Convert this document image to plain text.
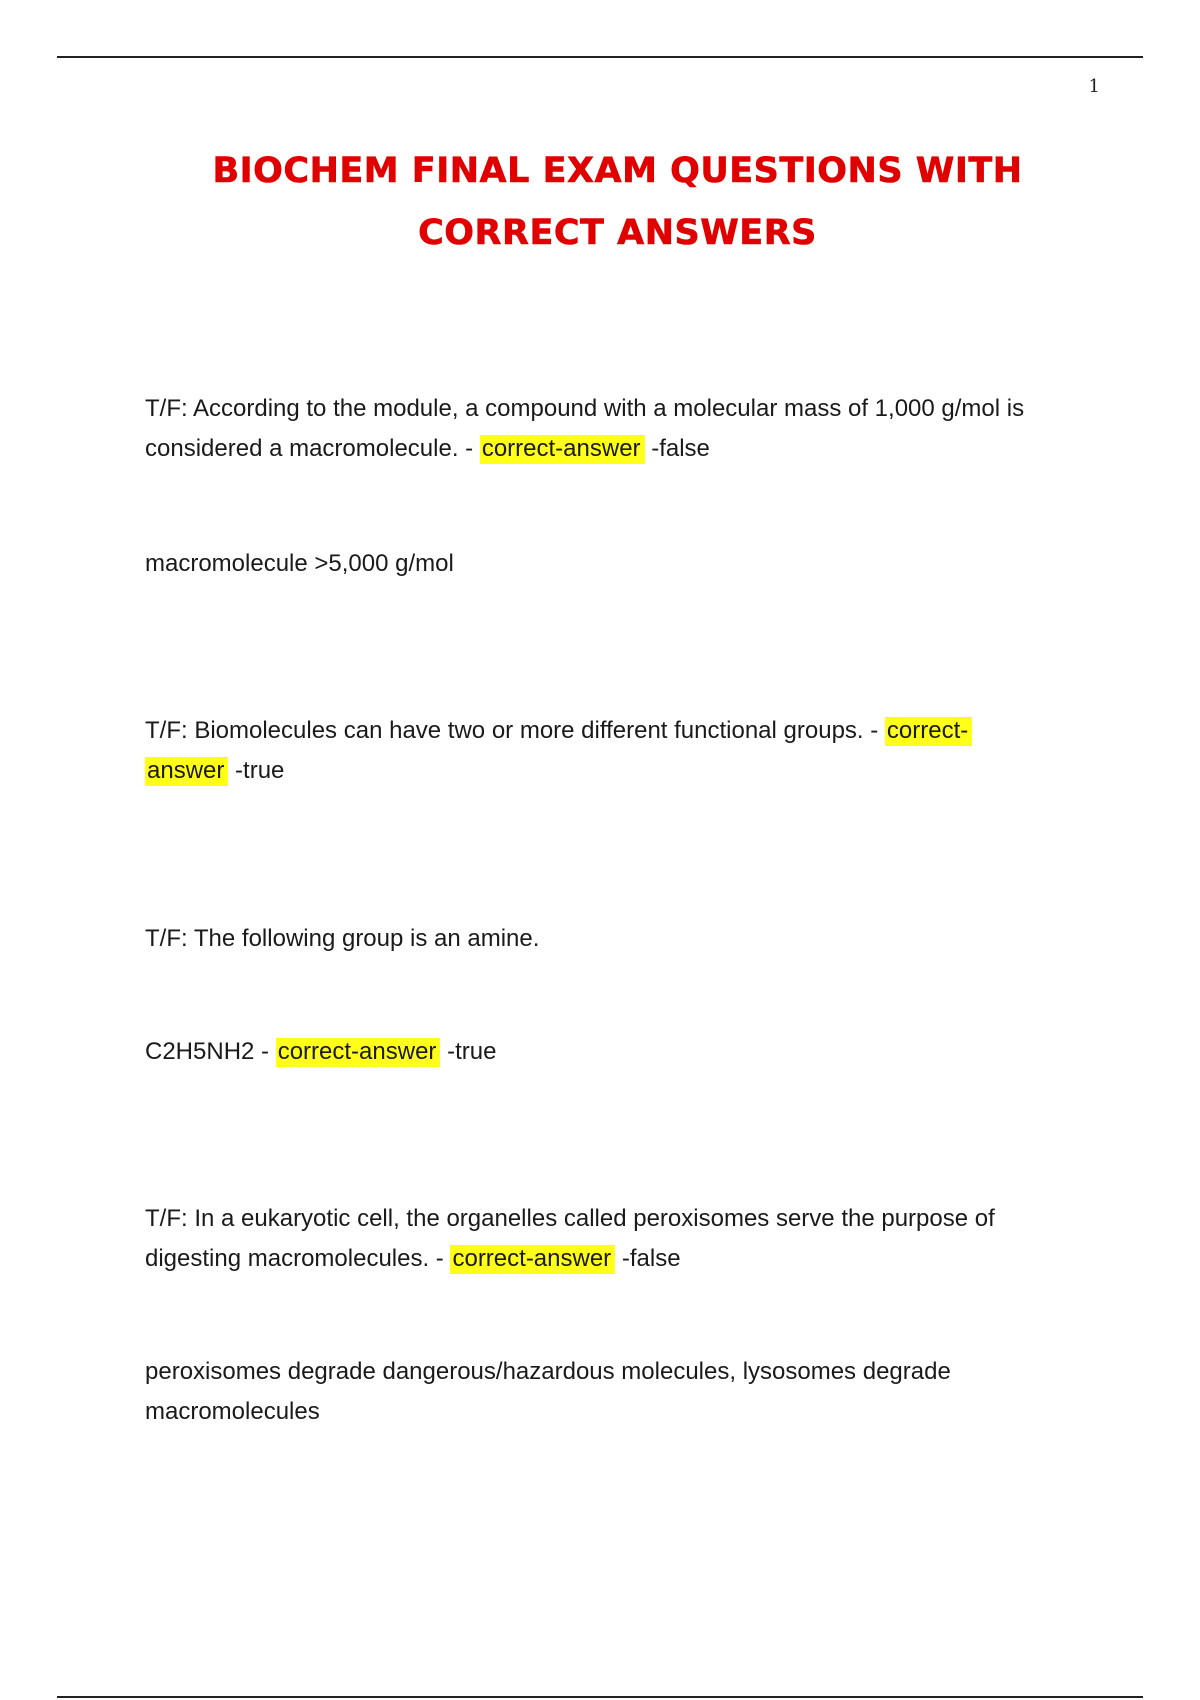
1
BIOCHEM FINAL EXAM QUESTIONS WITH
CORRECT ANSWERS
T/F: According to the module, a compound with a molecular mass of 1,000 g/mol is considered a macromolecule. - correct-answer -false
macromolecule >5,000 g/mol
T/F: Biomolecules can have two or more different functional groups. - correct-
answer -true
T/F: The following group is an amine.
C2H5NH2 - correct-answer -true
T/F: In a eukaryotic cell, the organelles called peroxisomes serve the purpose of digesting macromolecules. - correct-answer -false
peroxisomes degrade dangerous/hazardous molecules, lysosomes degrade macromolecules
